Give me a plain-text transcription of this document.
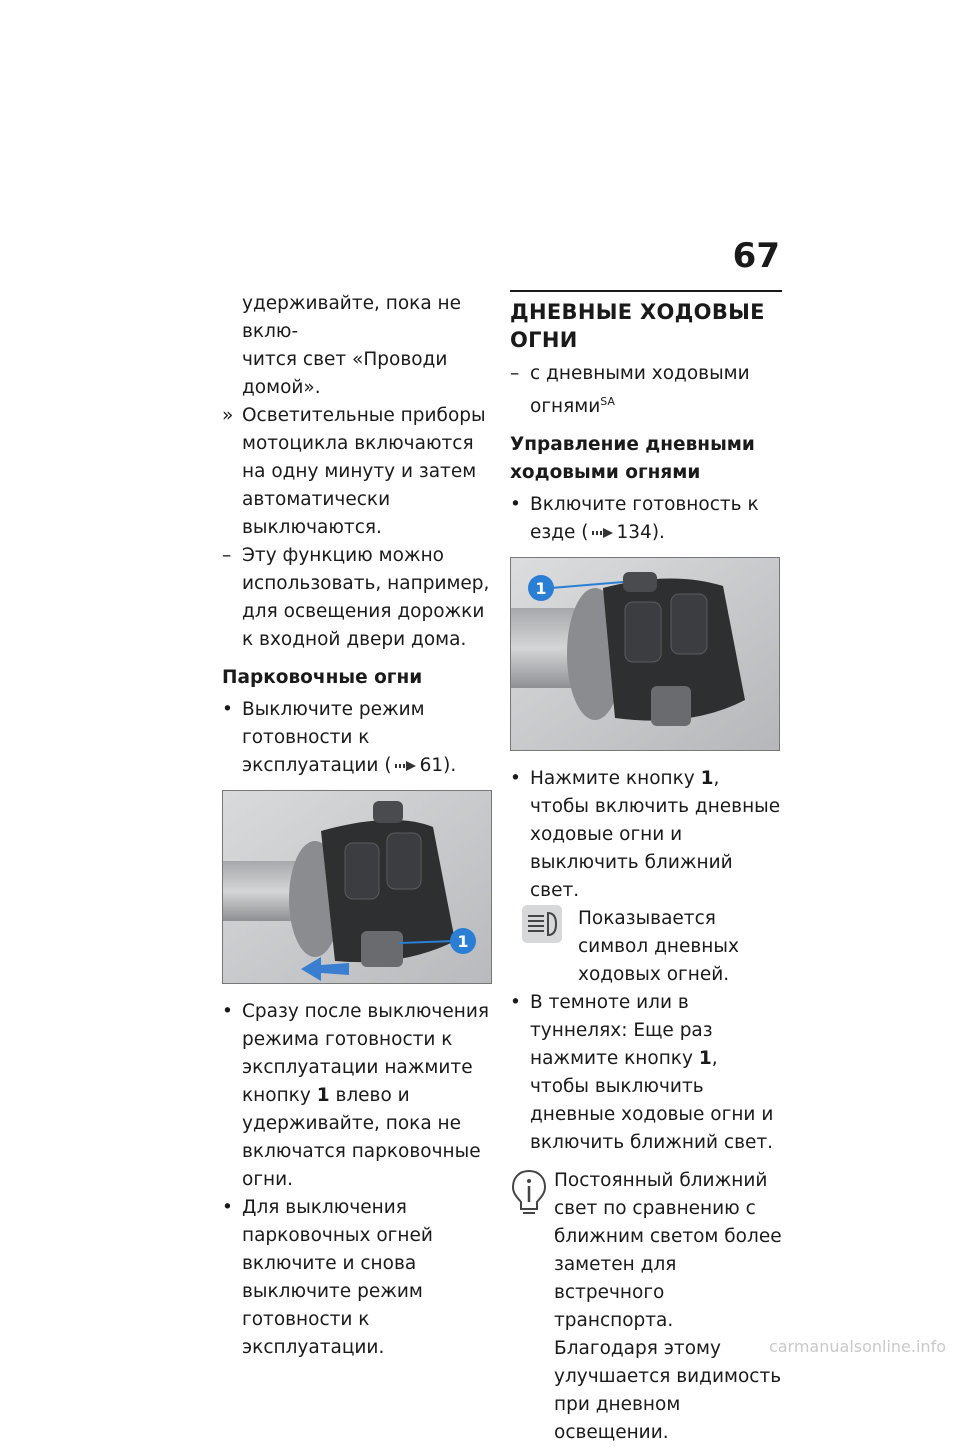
67

удерживайте, пока не вклю-

чится свет «Проводи домой».

» Осветительные приборы мотоцикла включаются на одну минуту и затем автоматически выключаются.
– Эту функцию можно использовать, например, для освещения дорожки к входной двери дома.
Парковочные огни
• Выключите режим готовности к эксплуатации ( 61).
1
• Сразу после выключения режима готовности к эксплуатации нажмите кнопку 1 влево и удерживайте, пока не включатся парковочные огни.
• Для выключения парковочных огней включите и снова выключите режим готовности к эксплуатации.
ДНЕВНЫЕ ХОДОВЫЕ ОГНИ
– с дневными ходовыми огнями$^{SA}$
Управление дневными ходовыми огнями
• Включите готовность к езде ( 134).
1
• Нажмите кнопку 1, чтобы включить дневные ходовые огни и выключить ближний свет.
Показывается символ дневных ходовых огней.
• В темноте или в туннелях: Еще раз нажмите кнопку 1, чтобы выключить дневные ходовые огни и включить ближний свет.
Постоянный ближний свет по сравнению с ближним светом более заметен для встречного транспорта. Благодаря этому улучшается видимость при дневном освещении.
carmanualsonline.info
